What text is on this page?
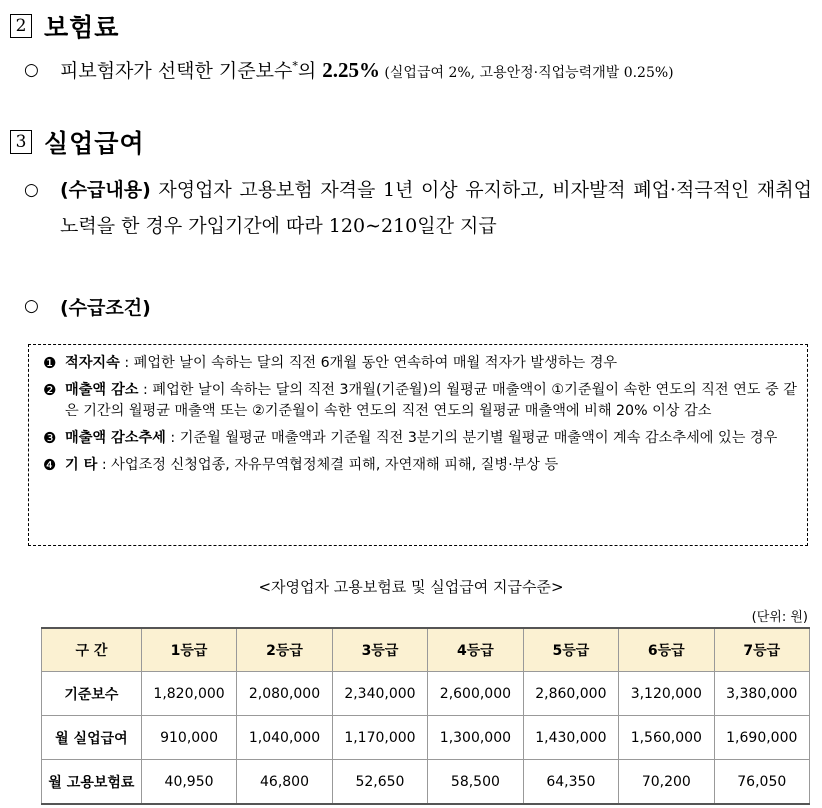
2 보험료
○ 피보험자가 선택한 기준보수*의 2.25% (실업급여 2%, 고용안정·직업능력개발 0.25%)
3 실업급여
○ (수급내용) 자영업자 고용보험 자격을 1년 이상 유지하고, 비자발적 폐업·적극적인 재취업 노력을 한 경우 가입기간에 따라 120∼210일간 지급
○ (수급조건)
❶ 적자지속 : 폐업한 날이 속하는 달의 직전 6개월 동안 연속하여 매월 적자가 발생하는 경우
❷ 매출액 감소 : 폐업한 날이 속하는 달의 직전 3개월(기준월)의 월평균 매출액이 ①기준월이 속한 연도의 직전 연도 중 같은 기간의 월평균 매출액 또는 ②기준월이 속한 연도의 직전 연도의 월평균 매출액에 비해 20% 이상 감소
❸ 매출액 감소추세 : 기준월 월평균 매출액과 기준월 직전 3분기의 분기별 월평균 매출액이 계속 감소추세에 있는 경우
❹ 기 타 : 사업조정 신청업종, 자유무역협정체결 피해, 자연재해 피해, 질병·부상 등
<자영업자 고용보험료 및 실업급여 지급수준>
(단위: 원)
구 간	1등급	2등급	3등급	4등급	5등급	6등급	7등급
기준보수	1,820,000	2,080,000	2,340,000	2,600,000	2,860,000	3,120,000	3,380,000
월 실업급여	910,000	1,040,000	1,170,000	1,300,000	1,430,000	1,560,000	1,690,000
월 고용보험료	40,950	46,800	52,650	58,500	64,350	70,200	76,050
